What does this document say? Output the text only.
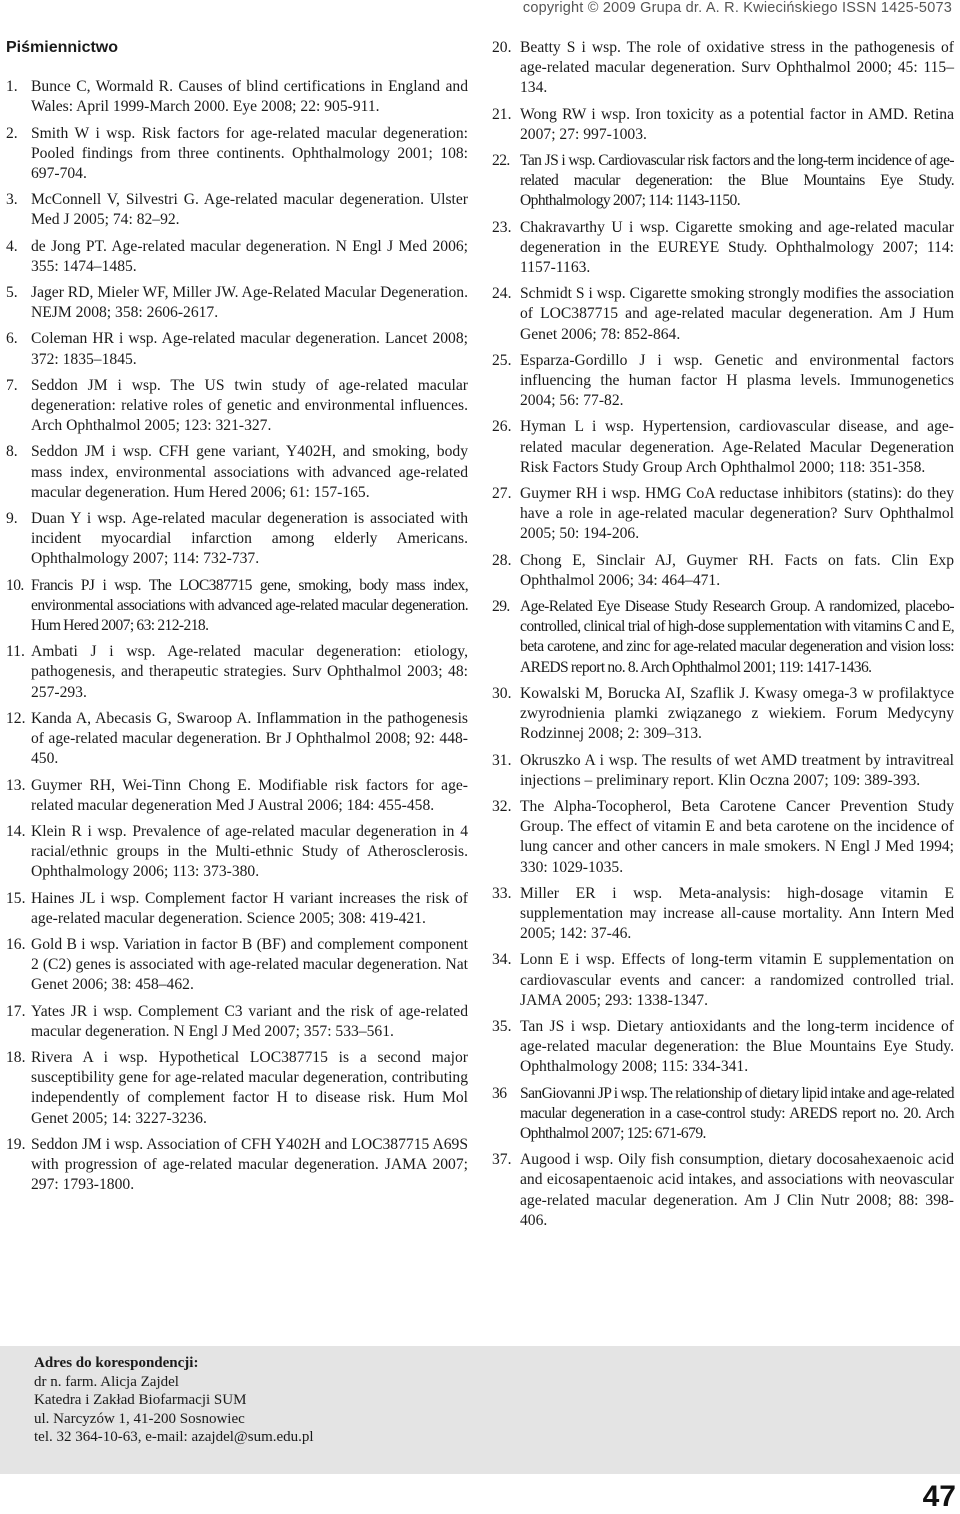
copyright © 2009 Grupa dr. A. R. Kwiecińskiego ISSN 1425-5073
Piśmiennictwo
1. Bunce C, Wormald R. Causes of blind certifications in England and Wales: April 1999-March 2000. Eye 2008; 22: 905-911.
2. Smith W i wsp. Risk factors for age-related macular degeneration: Pooled findings from three continents. Ophthalmology 2001; 108: 697-704.
3. McConnell V, Silvestri G. Age-related macular degeneration. Ulster Med J 2005; 74: 82–92.
4. de Jong PT. Age-related macular degeneration. N Engl J Med 2006; 355: 1474–1485.
5. Jager RD, Mieler WF, Miller JW. Age-Related Macular Degeneration. NEJM 2008; 358: 2606-2617.
6. Coleman HR i wsp. Age-related macular degeneration. Lancet 2008; 372: 1835–1845.
7. Seddon JM i wsp. The US twin study of age-related macular degeneration: relative roles of genetic and environmental influences. Arch Ophthalmol 2005; 123: 321-327.
8. Seddon JM i wsp. CFH gene variant, Y402H, and smoking, body mass index, environmental associations with advanced age-related macular degeneration. Hum Hered 2006; 61: 157-165.
9. Duan Y i wsp. Age-related macular degeneration is associated with incident myocardial infarction among elderly Americans. Ophthalmology 2007; 114: 732-737.
10. Francis PJ i wsp. The LOC387715 gene, smoking, body mass index, environmental associations with advanced age-related macular degeneration. Hum Hered 2007; 63: 212-218.
11. Ambati J i wsp. Age-related macular degeneration: etiology, pathogenesis, and therapeutic strategies. Surv Ophthalmol 2003; 48: 257-293.
12. Kanda A, Abecasis G, Swaroop A. Inflammation in the pathogenesis of age-related macular degeneration. Br J Ophthalmol 2008; 92: 448-450.
13. Guymer RH, Wei-Tinn Chong E. Modifiable risk factors for age-related macular degeneration Med J Austral 2006; 184: 455-458.
14. Klein R i wsp. Prevalence of age-related macular degeneration in 4 racial/ethnic groups in the Multi-ethnic Study of Atherosclerosis. Ophthalmology 2006; 113: 373-380.
15. Haines JL i wsp. Complement factor H variant increases the risk of age-related macular degeneration. Science 2005; 308: 419-421.
16. Gold B i wsp. Variation in factor B (BF) and complement component 2 (C2) genes is associated with age-related macular degeneration. Nat Genet 2006; 38: 458–462.
17. Yates JR i wsp. Complement C3 variant and the risk of age-related macular degeneration. N Engl J Med 2007; 357: 533–561.
18. Rivera A i wsp. Hypothetical LOC387715 is a second major susceptibility gene for age-related macular degeneration, contributing independently of complement factor H to disease risk. Hum Mol Genet 2005; 14: 3227-3236.
19. Seddon JM i wsp. Association of CFH Y402H and LOC387715 A69S with progression of age-related macular degeneration. JAMA 2007; 297: 1793-1800.
20. Beatty S i wsp. The role of oxidative stress in the pathogenesis of age-related macular degeneration. Surv Ophthalmol 2000; 45: 115–134.
21. Wong RW i wsp. Iron toxicity as a potential factor in AMD. Retina 2007; 27: 997-1003.
22. Tan JS i wsp. Cardiovascular risk factors and the long-term incidence of age-related macular degeneration: the Blue Mountains Eye Study. Ophthalmology 2007; 114: 1143-1150.
23. Chakravarthy U i wsp. Cigarette smoking and age-related macular degeneration in the EUREYE Study. Ophthalmology 2007; 114: 1157-1163.
24. Schmidt S i wsp. Cigarette smoking strongly modifies the association of LOC387715 and age-related macular degeneration. Am J Hum Genet 2006; 78: 852-864.
25. Esparza-Gordillo J i wsp. Genetic and environmental factors influencing the human factor H plasma levels. Immunogenetics 2004; 56: 77-82.
26. Hyman L i wsp. Hypertension, cardiovascular disease, and age-related macular degeneration. Age-Related Macular Degeneration Risk Factors Study Group Arch Ophthalmol 2000; 118: 351-358.
27. Guymer RH i wsp. HMG CoA reductase inhibitors (statins): do they have a role in age-related macular degeneration? Surv Ophthalmol 2005; 50: 194-206.
28. Chong E, Sinclair AJ, Guymer RH. Facts on fats. Clin Exp Ophthalmol 2006; 34: 464–471.
29. Age-Related Eye Disease Study Research Group. A randomized, placebo-controlled, clinical trial of high-dose supplementation with vitamins C and E, beta carotene, and zinc for age-related macular degeneration and vision loss: AREDS report no. 8. Arch Ophthalmol 2001; 119: 1417-1436.
30. Kowalski M, Borucka AI, Szaflik J. Kwasy omega-3 w profilaktyce zwyrodnienia plamki związanego z wiekiem. Forum Medycyny Rodzinnej 2008; 2: 309–313.
31. Okruszko A i wsp. The results of wet AMD treatment by intravitreal injections – preliminary report. Klin Oczna 2007; 109: 389-393.
32. The Alpha-Tocopherol, Beta Carotene Cancer Prevention Study Group. The effect of vitamin E and beta carotene on the incidence of lung cancer and other cancers in male smokers. N Engl J Med 1994; 330: 1029-1035.
33. Miller ER i wsp. Meta-analysis: high-dosage vitamin E supplementation may increase all-cause mortality. Ann Intern Med 2005; 142: 37-46.
34. Lonn E i wsp. Effects of long-term vitamin E supplementation on cardiovascular events and cancer: a randomized controlled trial. JAMA 2005; 293: 1338-1347.
35. Tan JS i wsp. Dietary antioxidants and the long-term incidence of age-related macular degeneration: the Blue Mountains Eye Study. Ophthalmology 2008; 115: 334-341.
36 SanGiovanni JP i wsp. The relationship of dietary lipid intake and age-related macular degeneration in a case-control study: AREDS report no. 20. Arch Ophthalmol 2007; 125: 671-679.
37. Augood i wsp. Oily fish consumption, dietary docosahexaenoic acid and eicosapentaenoic acid intakes, and associations with neovascular age-related macular degeneration. Am J Clin Nutr 2008; 88: 398-406.
Adres do korespondencji:
dr n. farm. Alicja Zajdel
Katedra i Zakład Biofarmacji SUM
ul. Narcyzów 1, 41-200 Sosnowiec
tel. 32 364-10-63, e-mail: azajdel@sum.edu.pl
47
